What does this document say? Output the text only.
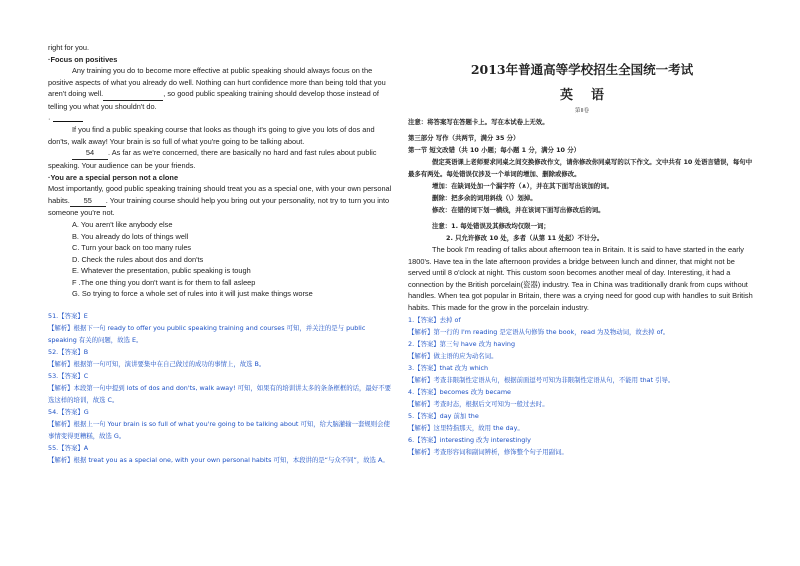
right for you.

·Focus on positives

Any training you do to become more effective at public speaking should always focus on the positive aspects of what you already do well. Nothing can hurt confidence more than being told that you aren't doing well.	, so good public speaking training should develop those instead of telling you what you shouldn't do.

·

If you find a public speaking course that looks as though it's going to give you lots of dos and don'ts, walk away! Your brain is so full of what you're going to be talking about.

54 . As far as we're concerned, there are basically no hard and fast rules about public speaking. Your audience can be your friends.

·You are a special person not a clone

Most importantly, good public speaking training should treat you as a special one, with your own personal habits. 55 . Your training course should help you bring out your personality, not try to turn you into someone you're not.

A. You aren't like anybody else

B. You already do lots of things well

C. Turn your back on too many rules

D. Check the rules about dos and don'ts

E. Whatever the presentation, public speaking is tough

F .The one thing you don't want is for them to fall asleep

G. So trying to force a whole set of rules into it will just make things worse

51.【答案】E

【解析】根据下一句 ready to offer you public speaking training and courses 可知，并关注的是与 public speaking 有关的问题，故选 E。

52.【答案】B

【解析】根据第一句可知，演讲要集中在自己做过的成功的事情上，故选 B。

53.【答案】C

【解析】本段第一句中提到 lots of dos and don'ts, walk away! 可知，如果有的培训讲太多的条条框框的话，最好不要选这样的培训，故选 C。

54.【答案】G

【解析】根据上一句 Your brain is so full of what you're going to be talking about 可知，给大脑灌输一套规则会使事情变得更糟糕，故选 G。

55.【答案】A

【解析】根据 treat you as a special one, with your own personal habits 可知，本段讲的是“与众不同”，故选 A。

2013年普通高等学校招生全国统一考试
英语
第II卷

注意：将答案写在答题卡上。写在本试卷上无效。

第三部分 写作（共两节，满分 35 分）

第一节 短文改错（共 10 小题；每小题 1 分，满分 10 分）

假定英语课上老师要求同桌之间交换修改作文，请你修改你同桌写的以下作文。文中共有 10 处语言错误，每句中最多有两处。每处错误仅涉及一个单词的增加、删除或修改。

增加：在缺词处加一个漏字符（∧），并在其下面写出该加的词。

删除：把多余的词用斜线（\）划掉。

修改：在错的词下划一横线，并在该词下面写出修改后的词。

注意：1. 每处错误及其修改均仅限一词；

2. 只允许修改 10 处，多者（从第 11 处起）不计分。

The book I'm reading of talks about afternoon tea in Britain. It is said to have started in the early 1800's. Have tea in the late afternoon provides a bridge between lunch and dinner, that might not be served until 8 o'clock at night. This custom soon becomes another meal of day. Interesting, it had a connection by the British porcelain(瓷器) industry. Tea in China was traditionally drank from cups without handles. When tea got popular in Britain, there was a crying need for good cup with handles to suit British habits. This made for the grow in the porcelain industry.

1.【答案】去掉 of

【解析】第一行的 I'm reading 是定语从句修饰 the book，read 为及物动词，故去掉 of。

2.【答案】第三句 have 改为 having

【解析】做主语的应为动名词。

3.【答案】that 改为 which

【解析】考查非限制性定语从句，根据前面逗号可知为非限制性定语从句，不能用 that 引导。

4.【答案】becomes 改为 became

【解析】考查时态，根据后文可知为一般过去时。

5.【答案】day 前加 the

【解析】这里特指那天，故用 the day。

6.【答案】interesting 改为 interestingly

【解析】考查形容词和副词辨析，修饰整个句子用副词。
